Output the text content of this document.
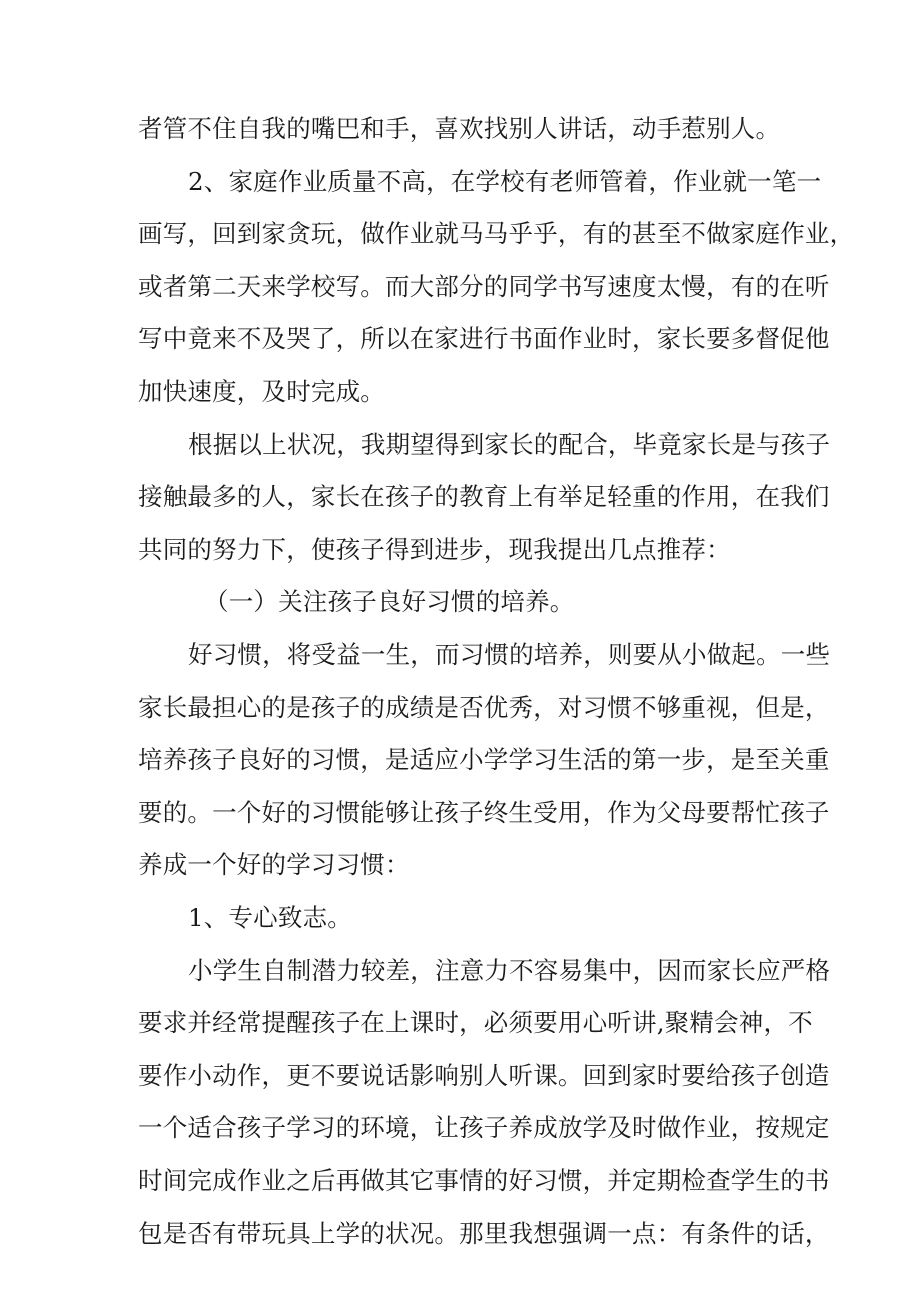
者管不住自我的嘴巴和手，喜欢找别人讲话，动手惹别人。
2、家庭作业质量不高，在学校有老师管着，作业就一笔一
画写，回到家贪玩，做作业就马马乎乎，有的甚至不做家庭作业，
或者第二天来学校写。而大部分的同学书写速度太慢，有的在听
写中竟来不及哭了，所以在家进行书面作业时，家长要多督促他
加快速度，及时完成。
根据以上状况，我期望得到家长的配合，毕竟家长是与孩子
接触最多的人，家长在孩子的教育上有举足轻重的作用，在我们
共同的努力下，使孩子得到进步，现我提出几点推荐：
（一）关注孩子良好习惯的培养。
好习惯，将受益一生，而习惯的培养，则要从小做起。一些
家长最担心的是孩子的成绩是否优秀，对习惯不够重视，但是，
培养孩子良好的习惯，是适应小学学习生活的第一步，是至关重
要的。一个好的习惯能够让孩子终生受用，作为父母要帮忙孩子
养成一个好的学习习惯：
1、专心致志。
小学生自制潜力较差，注意力不容易集中，因而家长应严格
要求并经常提醒孩子在上课时，必须要用心听讲,聚精会神，不
要作小动作，更不要说话影响别人听课。回到家时要给孩子创造
一个适合孩子学习的环境，让孩子养成放学及时做作业，按规定
时间完成作业之后再做其它事情的好习惯，并定期检查学生的书
包是否有带玩具上学的状况。那里我想强调一点：有条件的话，
